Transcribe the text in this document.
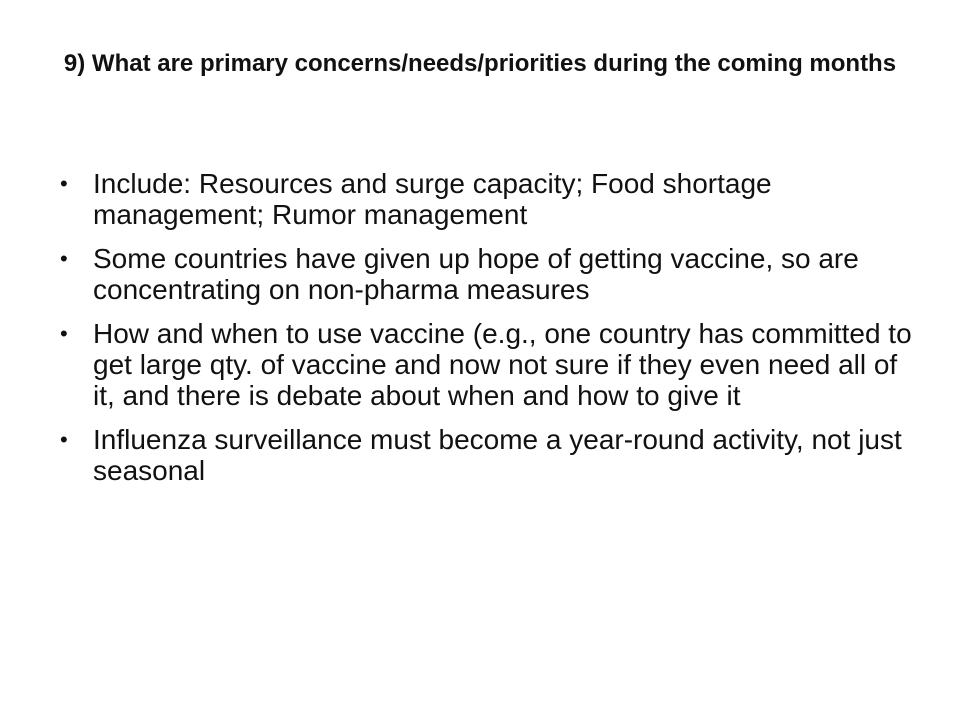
9) What are primary concerns/needs/priorities during the coming months
• Include: Resources and surge capacity; Food shortage management; Rumor management
• Some countries have given up hope of getting vaccine, so are concentrating on non-pharma measures
• How and when to use vaccine (e.g., one country has committed to get large qty. of vaccine and now not sure if they even need all of it, and there is debate about when and how to give it
• Influenza surveillance must become a year-round activity, not just seasonal
